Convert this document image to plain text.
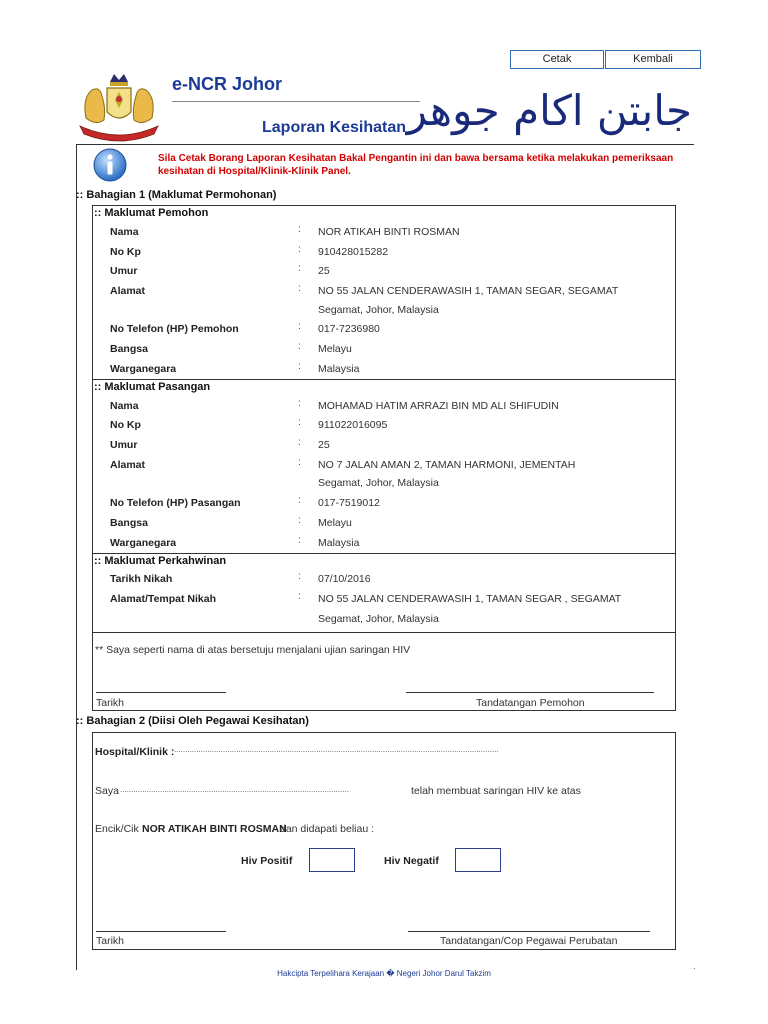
Cetak	Kembali
e-NCR Johor
Laporan Kesihatan جابتن اكام جوهر
Sila Cetak Borang Laporan Kesihatan Bakal Pengantin ini dan bawa bersama ketika melakukan pemeriksaan kesihatan di Hospital/Klinik-Klinik Panel.
:: Bahagian 1 (Maklumat Permohonan)
:: Maklumat Pemohon
Nama	: NOR ATIKAH BINTI ROSMAN
No Kp	: 910428015282
Umur	: 25
Alamat	: NO 55 JALAN CENDERAWASIH 1, TAMAN SEGAR, SEGAMAT
Segamat, Johor, Malaysia
No Telefon (HP) Pemohon	: 017-7236980
Bangsa	: Melayu
Warganegara	: Malaysia
:: Maklumat Pasangan
Nama	: MOHAMAD HATIM ARRAZI BIN MD ALI SHIFUDIN
No Kp	: 911022016095
Umur	: 25
Alamat	: NO 7 JALAN AMAN 2, TAMAN HARMONI, JEMENTAH
Segamat, Johor, Malaysia
No Telefon (HP) Pasangan	: 017-7519012
Bangsa	: Melayu
Warganegara	: Malaysia
:: Maklumat Perkahwinan
Tarikh Nikah	: 07/10/2016
Alamat/Tempat Nikah	: NO 55 JALAN CENDERAWASIH 1, TAMAN SEGAR , SEGAMAT
Segamat, Johor, Malaysia
** Saya seperti nama di atas bersetuju menjalani ujian saringan HIV
Tarikh	Tandatangan Pemohon
:: Bahagian 2 (Diisi Oleh Pegawai Kesihatan)
Hospital/Klinik : ..................................................................................................................................................
Saya .......................................................................................................	telah membuat saringan HIV ke atas
Encik/Cik NOR ATIKAH BINTI ROSMAN
dan didapati beliau :
Hiv Positif	Hiv Negatif
Tarikh	Tandatangan/Cop Pegawai Perubatan
Hakcipta Terpelihara Kerajaan � Negeri Johor Darul Takzim
·
